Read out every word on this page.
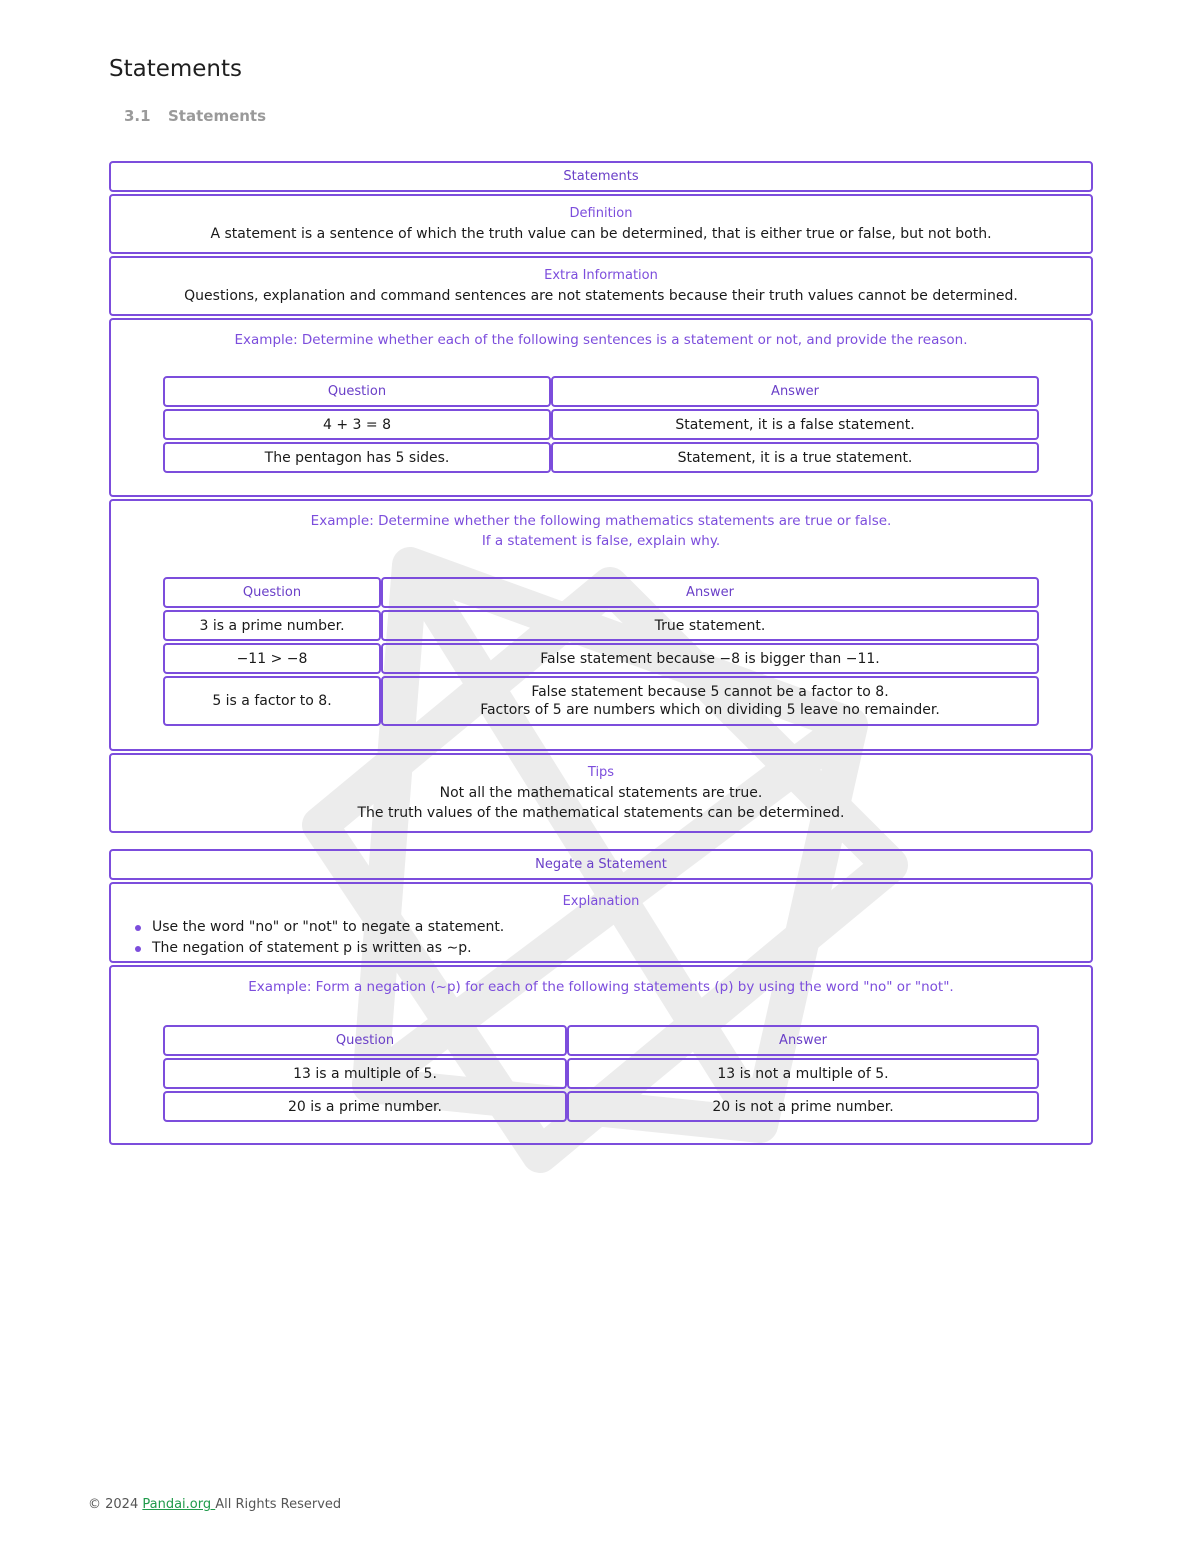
Statements
3.1 Statements
Statements
Definition
A statement is a sentence of which the truth value can be determined, that is either true or false, but not both.
Extra Information
Questions, explanation and command sentences are not statements because their truth values cannot be determined.
Example: Determine whether each of the following sentences is a statement or not, and provide the reason.
Question	Answer
4 + 3 = 8	Statement, it is a false statement.
The pentagon has 5 sides.	Statement, it is a true statement.
Example: Determine whether the following mathematics statements are true or false.
If a statement is false, explain why.
Question	Answer
3 is a prime number.	True statement.
−11 > −8	False statement because −8 is bigger than −11.
5 is a factor to 8.	False statement because 5 cannot be a factor to 8.
Factors of 5 are numbers which on dividing 5 leave no remainder.
Tips
Not all the mathematical statements are true.
The truth values of the mathematical statements can be determined.
Negate a Statement
Explanation
Use the word "no" or "not" to negate a statement.
The negation of statement p is written as ∼p.
Example: Form a negation (~p) for each of the following statements (p) by using the word "no" or "not".
Question	Answer
13 is a multiple of 5.	13 is not a multiple of 5.
20 is a prime number.	20 is not a prime number.
© 2024 Pandai.org All Rights Reserved
